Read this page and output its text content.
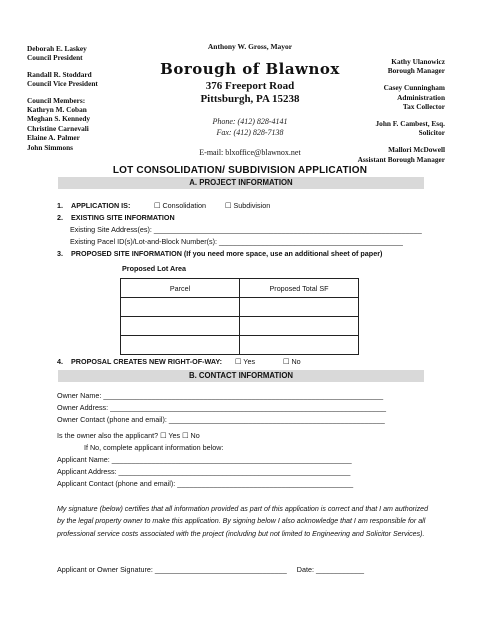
Deborah E. Laskey
Council President
Randall R. Stoddard
Council Vice President
Council Members:
Kathryn M. Coban
Meghan S. Kennedy
Christine Carnevali
Elaine A. Palmer
John Simmons
Anthony W. Gross, Mayor
Borough of Blawnox
376 Freeport Road
Pittsburgh, PA 15238
Phone: (412) 828-4141
Fax: (412) 828-7138
E-mail: blxoffice@blawnox.net
Kathy Ulanowicz
Borough Manager
Casey Cunningham
Administration
Tax Collector
John F. Cambest, Esq.
Solicitor
Mallori McDowell
Assistant Borough Manager
LOT CONSOLIDATION/ SUBDIVISION APPLICATION
A. PROJECT INFORMATION
1. APPLICATION IS:	☐ Consolidation	☐ Subdivision
2. EXISTING SITE INFORMATION
Existing Site Address(es): ___________________________________________________________________
Existing Pacel ID(s)/Lot-and-Block Number(s): ______________________________________________
3. PROPOSED SITE INFORMATION (If you need more space, use an additional sheet of paper)
Proposed Lot Area
Parcel	Proposed Total SF

4. PROPOSAL CREATES NEW RIGHT-OF-WAY: ☐ Yes	☐ No
B. CONTACT INFORMATION
Owner Name: ______________________________________________________________________
Owner Address: _____________________________________________________________________
Owner Contact (phone and email): ______________________________________________________
Is the owner also the applicant? ☐ Yes ☐ No
If No, complete applicant information below:
Applicant Name: ____________________________________________________________
Applicant Address: __________________________________________________________
Applicant Contact (phone and email): ____________________________________________
My signature (below) certifies that all information provided as part of this application is correct and that I am authorized by the legal property owner to make this application. By signing below I also acknowledge that I am responsible for all professional service costs associated with the project (including but not limited to Engineering and Solicitor Services).
Applicant or Owner Signature: _________________________________ Date: ____________
